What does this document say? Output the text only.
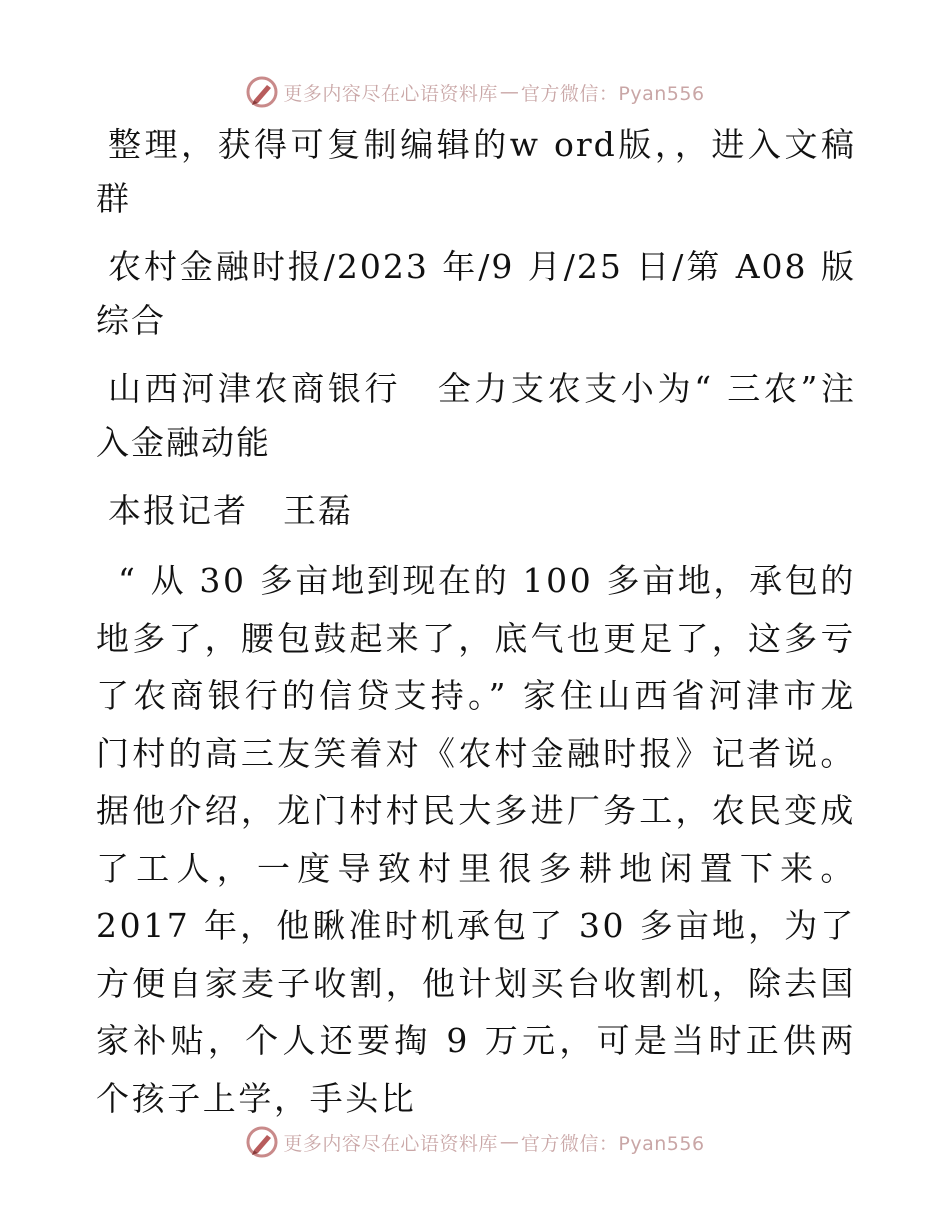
更多内容尽在心语资料库 — 官方微信：Pyan556

整理，获得可复制编辑的w ord版，，进入文稿群

农村金融时报/2023 年/9 月/25 日/第 A08 版综合

山西河津农商银行　全力支农支小为“ 三农”注入金融动能

本报记者　王磊

“ 从 30 多亩地到现在的 100 多亩地，承包的地多了，腰包鼓起来了，底气也更足了，这多亏了农商银行的信贷支持。” 家住山西省河津市龙门村的高三友笑着对《农村金融时报》记者说。据他介绍，龙门村村民大多进厂务工，农民变成了工人，一度导致村里很多耕地闲置下来。2017 年，他瞅准时机承包了 30 多亩地，为了方便自家麦子收割，他计划买台收割机，除去国家补贴，个人还要掏 9 万元，可是当时正供两个孩子上学，手头比

更多内容尽在心语资料库 — 官方微信：Pyan556
